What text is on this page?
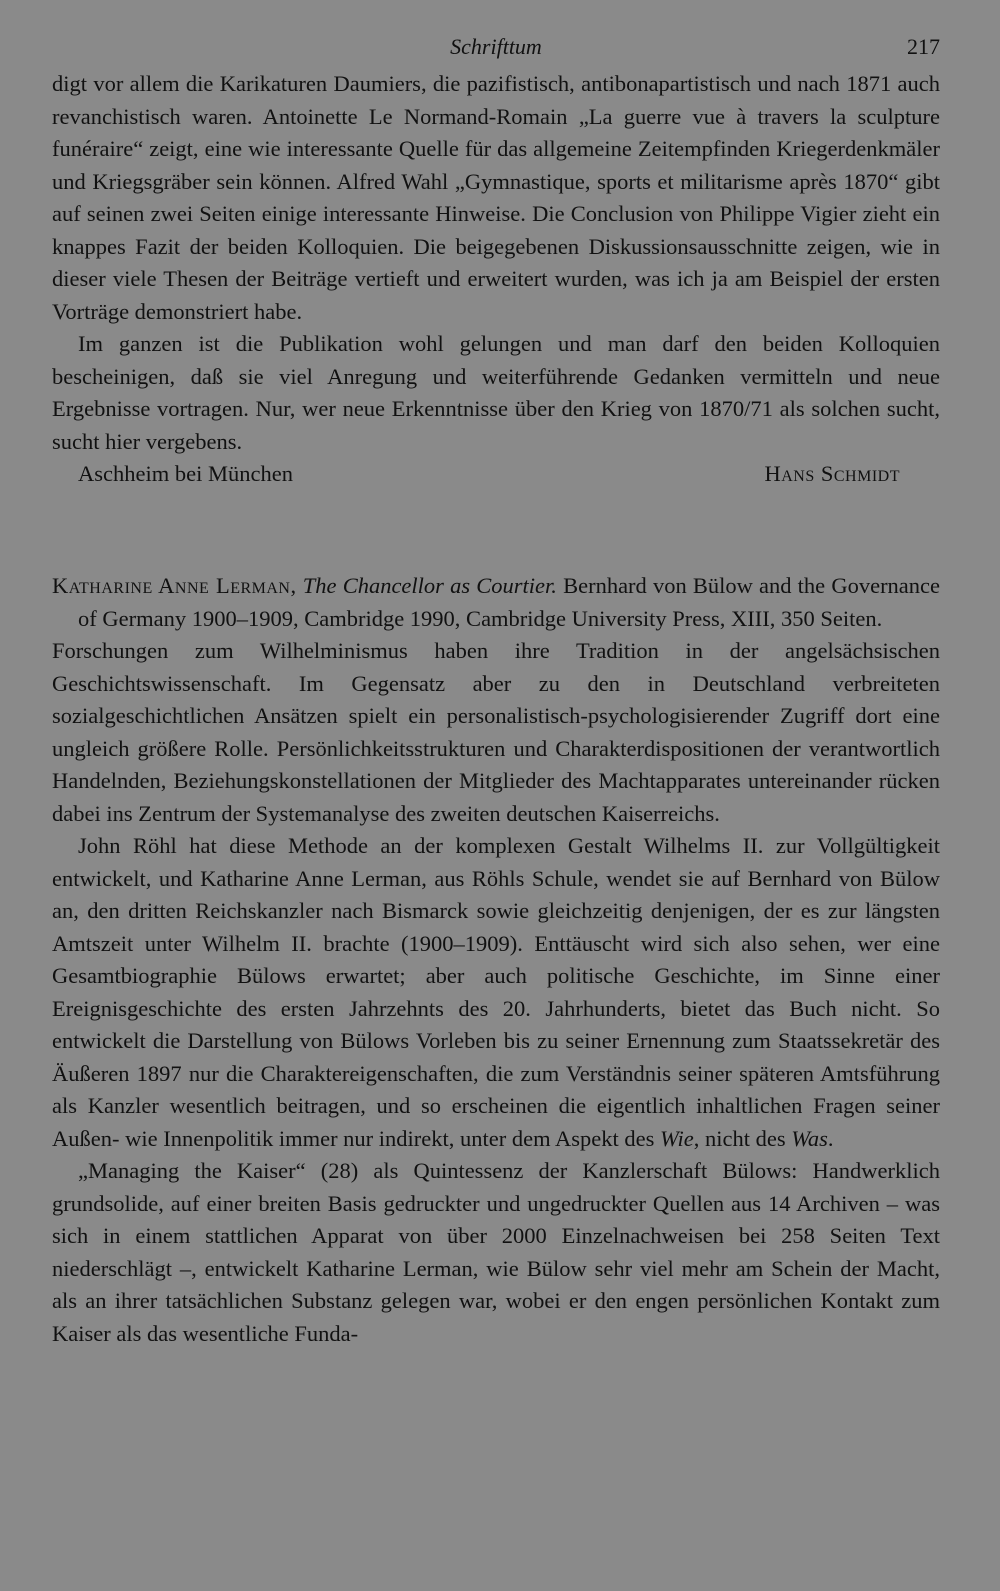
Schrifttum	217

digt vor allem die Karikaturen Daumiers, die pazifistisch, antibonapartistisch und nach 1871 auch revanchistisch waren. Antoinette Le Normand-Romain „La guerre vue à travers la sculpture funéraire“ zeigt, eine wie interessante Quelle für das allgemeine Zeitempfinden Kriegerdenkmäler und Kriegsgräber sein können. Alfred Wahl „Gymnastique, sports et militarisme après 1870“ gibt auf seinen zwei Seiten einige interessante Hinweise. Die Conclusion von Philippe Vigier zieht ein knappes Fazit der beiden Kolloquien. Die beigegebenen Diskussionsausschnitte zeigen, wie in dieser viele Thesen der Beiträge vertieft und erweitert wurden, was ich ja am Beispiel der ersten Vorträge demonstriert habe.

Im ganzen ist die Publikation wohl gelungen und man darf den beiden Kolloquien bescheinigen, daß sie viel Anregung und weiterführende Gedanken vermitteln und neue Ergebnisse vortragen. Nur, wer neue Erkenntnisse über den Krieg von 1870/71 als solchen sucht, sucht hier vergebens.

Aschheim bei München	Hans Schmidt

Katharine Anne Lerman, The Chancellor as Courtier. Bernhard von Bülow and the Governance of Germany 1900–1909, Cambridge 1990, Cambridge University Press, XIII, 350 Seiten.

Forschungen zum Wilhelminismus haben ihre Tradition in der angelsächsischen Geschichtswissenschaft. Im Gegensatz aber zu den in Deutschland verbreiteten sozialgeschichtlichen Ansätzen spielt ein personalistisch-psychologisierender Zugriff dort eine ungleich größere Rolle. Persönlichkeitsstrukturen und Charakterdispositionen der verantwortlich Handelnden, Beziehungskonstellationen der Mitglieder des Machtapparates untereinander rücken dabei ins Zentrum der Systemanalyse des zweiten deutschen Kaiserreichs.

John Röhl hat diese Methode an der komplexen Gestalt Wilhelms II. zur Vollgültigkeit entwickelt, und Katharine Anne Lerman, aus Röhls Schule, wendet sie auf Bernhard von Bülow an, den dritten Reichskanzler nach Bismarck sowie gleichzeitig denjenigen, der es zur längsten Amtszeit unter Wilhelm II. brachte (1900–1909). Enttäuscht wird sich also sehen, wer eine Gesamtbiographie Bülows erwartet; aber auch politische Geschichte, im Sinne einer Ereignisgeschichte des ersten Jahrzehnts des 20. Jahrhunderts, bietet das Buch nicht. So entwickelt die Darstellung von Bülows Vorleben bis zu seiner Ernennung zum Staatssekretär des Äußeren 1897 nur die Charaktereigenschaften, die zum Verständnis seiner späteren Amtsführung als Kanzler wesentlich beitragen, und so erscheinen die eigentlich inhaltlichen Fragen seiner Außen- wie Innenpolitik immer nur indirekt, unter dem Aspekt des Wie, nicht des Was.

„Managing the Kaiser“ (28) als Quintessenz der Kanzlerschaft Bülows: Handwerklich grundsolide, auf einer breiten Basis gedruckter und ungedruckter Quellen aus 14 Archiven – was sich in einem stattlichen Apparat von über 2000 Einzelnachweisen bei 258 Seiten Text niederschlägt –, entwickelt Katharine Lerman, wie Bülow sehr viel mehr am Schein der Macht, als an ihrer tatsächlichen Substanz gelegen war, wobei er den engen persönlichen Kontakt zum Kaiser als das wesentliche Funda-
